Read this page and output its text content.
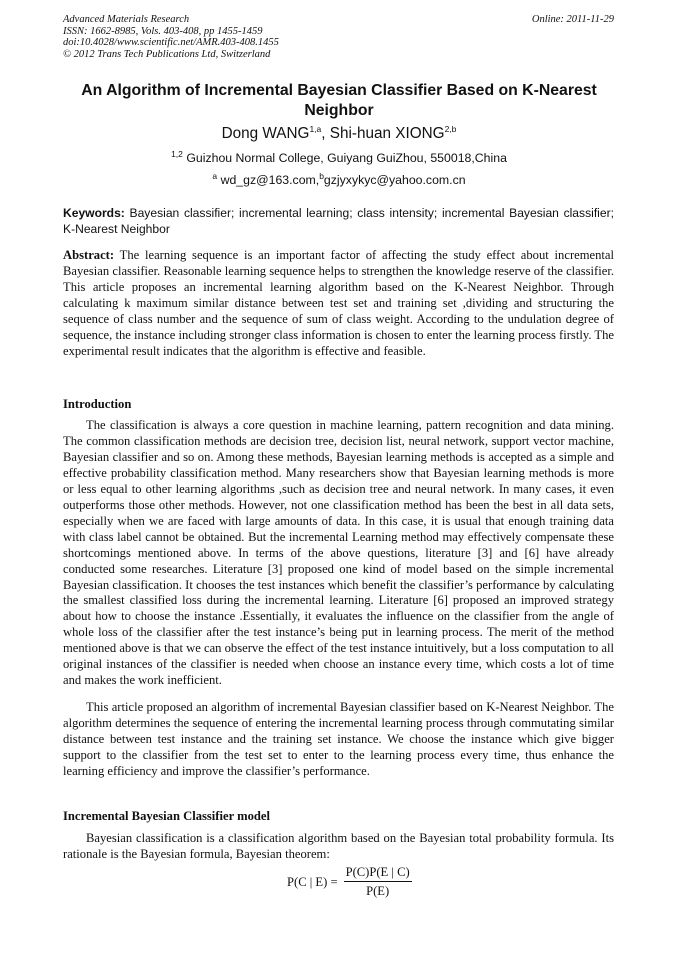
Advanced Materials Research
ISSN: 1662-8985, Vols. 403-408, pp 1455-1459
doi:10.4028/www.scientific.net/AMR.403-408.1455
© 2012 Trans Tech Publications Ltd, Switzerland
Online: 2011-11-29
An Algorithm of Incremental Bayesian Classifier Based on K-Nearest Neighbor
Dong WANG$^{1,a}$, Shi-huan XIONG$^{2,b}$
$^{1,2}$ Guizhou Normal College, Guiyang GuiZhou, 550018,China
$^a$ wd_gz@163.com,$^b$gzjyxykyc@yahoo.com.cn
Keywords: Bayesian classifier; incremental learning; class intensity; incremental Bayesian classifier; K-Nearest Neighbor
Abstract: The learning sequence is an important factor of affecting the study effect about incremental Bayesian classifier. Reasonable learning sequence helps to strengthen the knowledge reserve of the classifier. This article proposes an incremental learning algorithm based on the K-Nearest Neighbor. Through calculating k maximum similar distance between test set and training set ,dividing and structuring the sequence of class number and the sequence of sum of class weight. According to the undulation degree of sequence, the instance including stronger class information is chosen to enter the learning process firstly. The experimental result indicates that the algorithm is effective and feasible.
Introduction
The classification is always a core question in machine learning, pattern recognition and data mining. The common classification methods are decision tree, decision list, neural network, support vector machine, Bayesian classifier and so on. Among these methods, Bayesian learning methods is accepted as a simple and effective probability classification method. Many researchers show that Bayesian learning methods is more or less equal to other learning algorithms ,such as decision tree and neural network. In many cases, it even outperforms those other methods. However, not one classification method has been the best in all data sets, especially when we are faced with large amounts of data. In this case, it is usual that enough training data with class label cannot be obtained. But the incremental Learning method may effectively compensate these shortcomings mentioned above. In terms of the above questions, literature [3] and [6] have already conducted some researches. Literature [3] proposed one kind of model based on the simple incremental Bayesian classification. It chooses the test instances which benefit the classifier’s performance by calculating the smallest classified loss during the incremental learning. Literature [6] proposed an improved strategy about how to choose the instance .Essentially, it evaluates the influence on the classifier from the angle of whole loss of the classifier after the test instance’s being put in learning process. The merit of the method mentioned above is that we can observe the effect of the test instance intuitively, but a loss computation to all original instances of the classifier is needed when choose an instance every time, which costs a lot of time and makes the work inefficient.
This article proposed an algorithm of incremental Bayesian classifier based on K-Nearest Neighbor. The algorithm determines the sequence of entering the incremental learning process through commutating similar distance between test instance and the training set instance. We choose the instance which give bigger support to the classifier from the test set to enter to the learning process every time, thus enhance the learning efficiency and improve the classifier’s performance.
Incremental Bayesian Classifier model
Bayesian classification is a classification algorithm based on the Bayesian total probability formula. Its rationale is the Bayesian formula, Bayesian theorem:
P(C | $E) = \frac{P(C)P(E | C)}{P(E)}$
